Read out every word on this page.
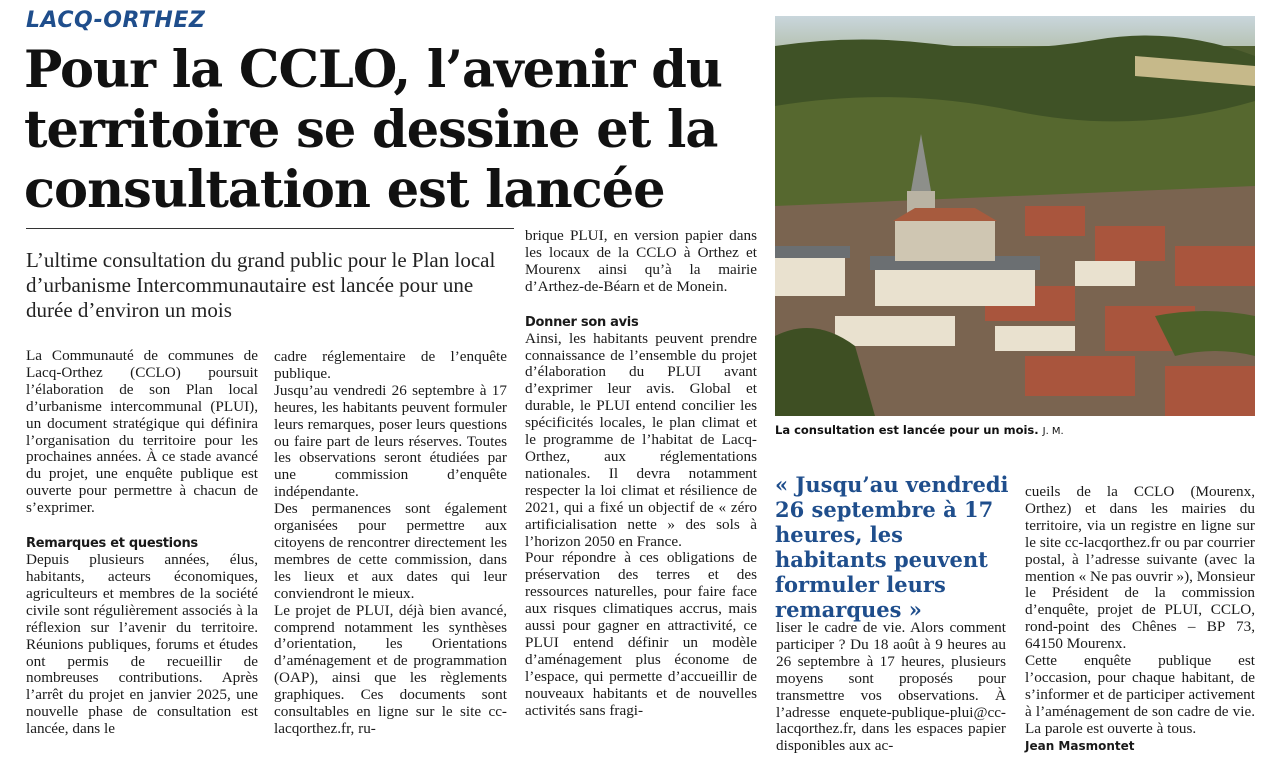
LACQ-ORTHEZ
Pour la CCLO, l’avenir du territoire se dessine et la consultation est lancée
L’ultime consultation du grand public pour le Plan local d’urbanisme Intercommunautaire est lancée pour une durée d’environ un mois

La Communauté de communes de Lacq-Orthez (CCLO) poursuit l’élaboration de son Plan local d’urbanisme intercommunal (PLUI), un document stratégique qui définira l’organisation du territoire pour les prochaines années. À ce stade avancé du projet, une enquête publique est ouverte pour permettre à chacun de s’exprimer.

Remarques et questions

Depuis plusieurs années, élus, habitants, acteurs économiques, agriculteurs et membres de la société civile sont régulièrement associés à la réflexion sur l’avenir du territoire. Réunions publiques, forums et études ont permis de recueillir de nombreuses contributions. Après l’arrêt du projet en janvier 2025, une nouvelle phase de consultation est lancée, dans le

cadre réglementaire de l’enquête publique.

Jusqu’au vendredi 26 septembre à 17 heures, les habitants peuvent formuler leurs remarques, poser leurs questions ou faire part de leurs réserves. Toutes les observations seront étudiées par une commission d’enquête indépendante.

Des permanences sont également organisées pour permettre aux citoyens de rencontrer directement les membres de cette commission, dans les lieux et aux dates qui leur conviendront le mieux.

Le projet de PLUI, déjà bien avancé, comprend notamment les synthèses d’orientation, les Orientations d’aménagement et de programmation (OAP), ainsi que les règlements graphiques. Ces documents sont consultables en ligne sur le site cc-lacqorthez.fr, ru-

brique PLUI, en version papier dans les locaux de la CCLO à Orthez et Mourenx ainsi qu’à la mairie d’Arthez-de-Béarn et de Monein.

Donner son avis

Ainsi, les habitants peuvent prendre connaissance de l’ensemble du projet d’élaboration du PLUI avant d’exprimer leur avis. Global et durable, le PLUI entend concilier les spécificités locales, le plan climat et le programme de l’habitat de Lacq-Orthez, aux réglementations nationales. Il devra notamment respecter la loi climat et résilience de 2021, qui a fixé un objectif de « zéro artificialisation nette » des sols à l’horizon 2050 en France.

Pour répondre à ces obligations de préservation des terres et des ressources naturelles, pour faire face aux risques climatiques accrus, mais aussi pour gagner en attractivité, ce PLUI entend définir un modèle d’aménagement plus économe de l’espace, qui permette d’accueillir de nouveaux habitants et de nouvelles activités sans fragi-

La consultation est lancée pour un mois. J. M.
« Jusqu’au vendredi 26 septembre à 17 heures, les habitants peuvent formuler leurs remarques »

liser le cadre de vie. Alors comment participer ? Du 18 août à 9 heures au 26 septembre à 17 heures, plusieurs moyens sont proposés pour transmettre vos observations. À l’adresse enquete-publique-plui@cc-lacqorthez.fr, dans les espaces papier disponibles aux ac-

cueils de la CCLO (Mourenx, Orthez) et dans les mairies du territoire, via un registre en ligne sur le site cc-lacqorthez.fr ou par courrier postal, à l’adresse suivante (avec la mention « Ne pas ouvrir »), Monsieur le Président de la commission d’enquête, projet de PLUI, CCLO, rond-point des Chênes – BP 73, 64150 Mourenx.

Cette enquête publique est l’occasion, pour chaque habitant, de s’informer et de participer activement à l’aménagement de son cadre de vie. La parole est ouverte à tous.

Jean Masmontet
